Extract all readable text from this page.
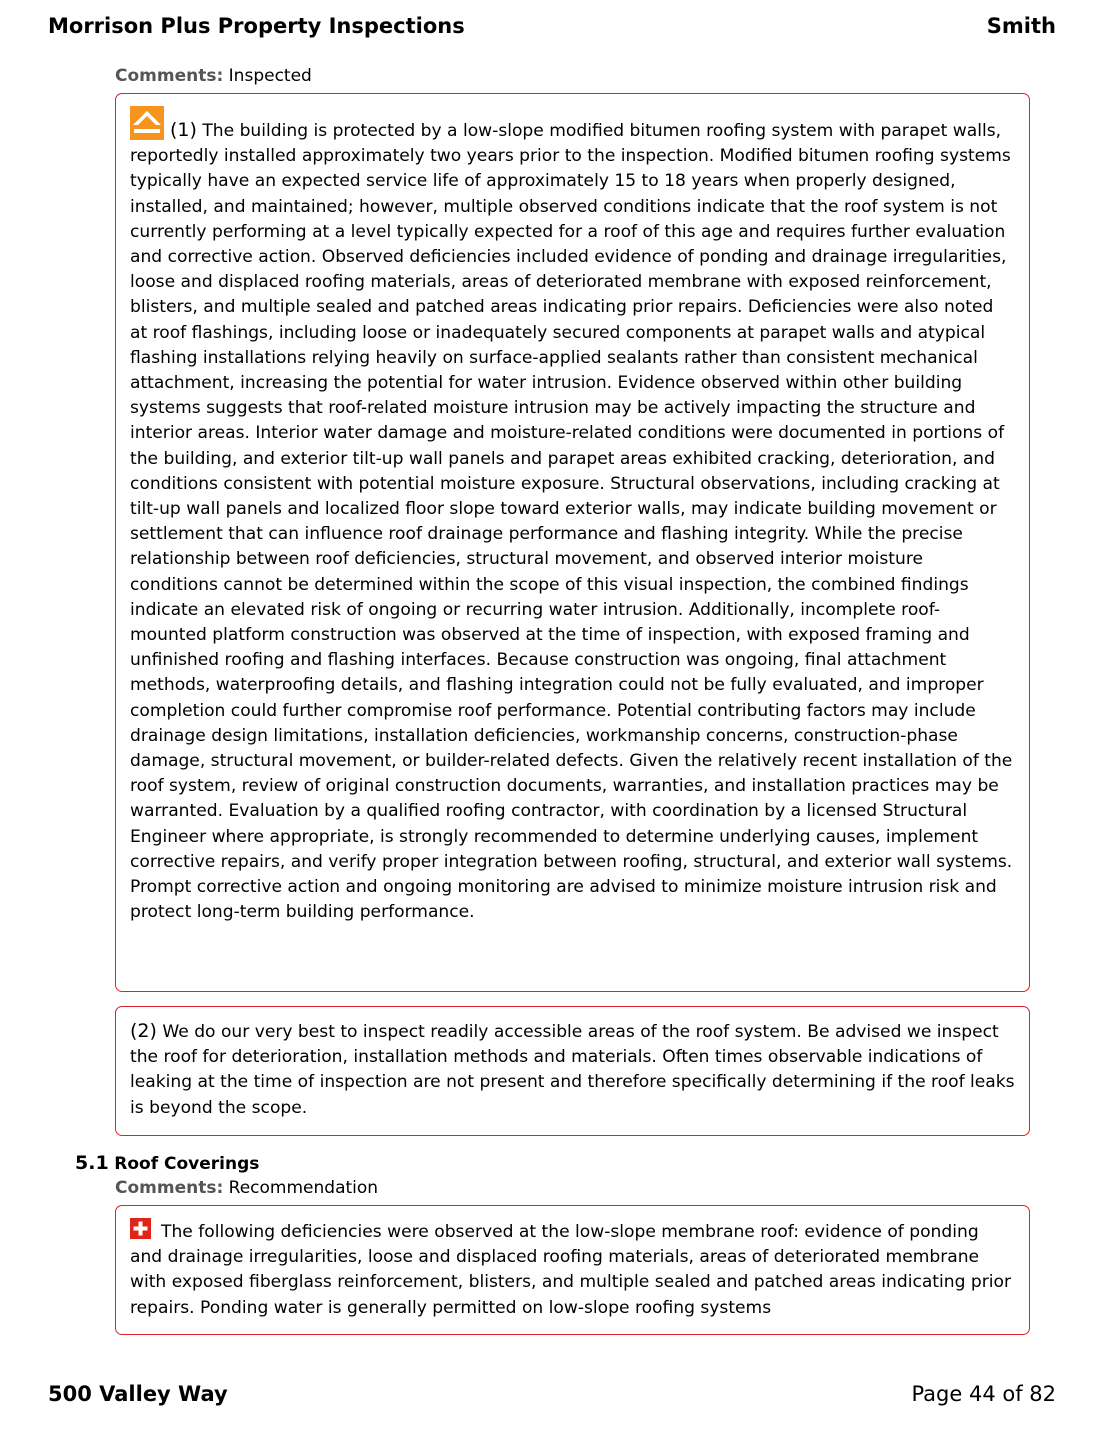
Morrison Plus Property Inspections	Smith
Comments: Inspected

(1) The building is protected by a low-slope modified bitumen roofing system with parapet walls, reportedly installed approximately two years prior to the inspection. Modified bitumen roofing systems typically have an expected service life of approximately 15 to 18 years when properly designed, installed, and maintained; however, multiple observed conditions indicate that the roof system is not currently performing at a level typically expected for a roof of this age and requires further evaluation and corrective action. Observed deficiencies included evidence of ponding and drainage irregularities, loose and displaced roofing materials, areas of deteriorated membrane with exposed reinforcement, blisters, and multiple sealed and patched areas indicating prior repairs. Deficiencies were also noted at roof flashings, including loose or inadequately secured components at parapet walls and atypical flashing installations relying heavily on surface-applied sealants rather than consistent mechanical attachment, increasing the potential for water intrusion. Evidence observed within other building systems suggests that roof-related moisture intrusion may be actively impacting the structure and interior areas. Interior water damage and moisture-related conditions were documented in portions of the building, and exterior tilt-up wall panels and parapet areas exhibited cracking, deterioration, and conditions consistent with potential moisture exposure. Structural observations, including cracking at tilt-up wall panels and localized floor slope toward exterior walls, may indicate building movement or settlement that can influence roof drainage performance and flashing integrity. While the precise relationship between roof deficiencies, structural movement, and observed interior moisture conditions cannot be determined within the scope of this visual inspection, the combined findings indicate an elevated risk of ongoing or recurring water intrusion. Additionally, incomplete roof-mounted platform construction was observed at the time of inspection, with exposed framing and unfinished roofing and flashing interfaces. Because construction was ongoing, final attachment methods, waterproofing details, and flashing integration could not be fully evaluated, and improper completion could further compromise roof performance. Potential contributing factors may include drainage design limitations, installation deficiencies, workmanship concerns, construction-phase damage, structural movement, or builder-related defects. Given the relatively recent installation of the roof system, review of original construction documents, warranties, and installation practices may be warranted. Evaluation by a qualified roofing contractor, with coordination by a licensed Structural Engineer where appropriate, is strongly recommended to determine underlying causes, implement corrective repairs, and verify proper integration between roofing, structural, and exterior wall systems. Prompt corrective action and ongoing monitoring are advised to minimize moisture intrusion risk and protect long-term building performance.

(2) We do our very best to inspect readily accessible areas of the roof system. Be advised we inspect the roof for deterioration, installation methods and materials. Often times observable indications of leaking at the time of inspection are not present and therefore specifically determining if the roof leaks is beyond the scope.

5.1 Roof Coverings
Comments: Recommendation

The following deficiencies were observed at the low-slope membrane roof: evidence of ponding and drainage irregularities, loose and displaced roofing materials, areas of deteriorated membrane with exposed fiberglass reinforcement, blisters, and multiple sealed and patched areas indicating prior repairs. Ponding water is generally permitted on low-slope roofing systems

500 Valley Way	Page 44 of 82
